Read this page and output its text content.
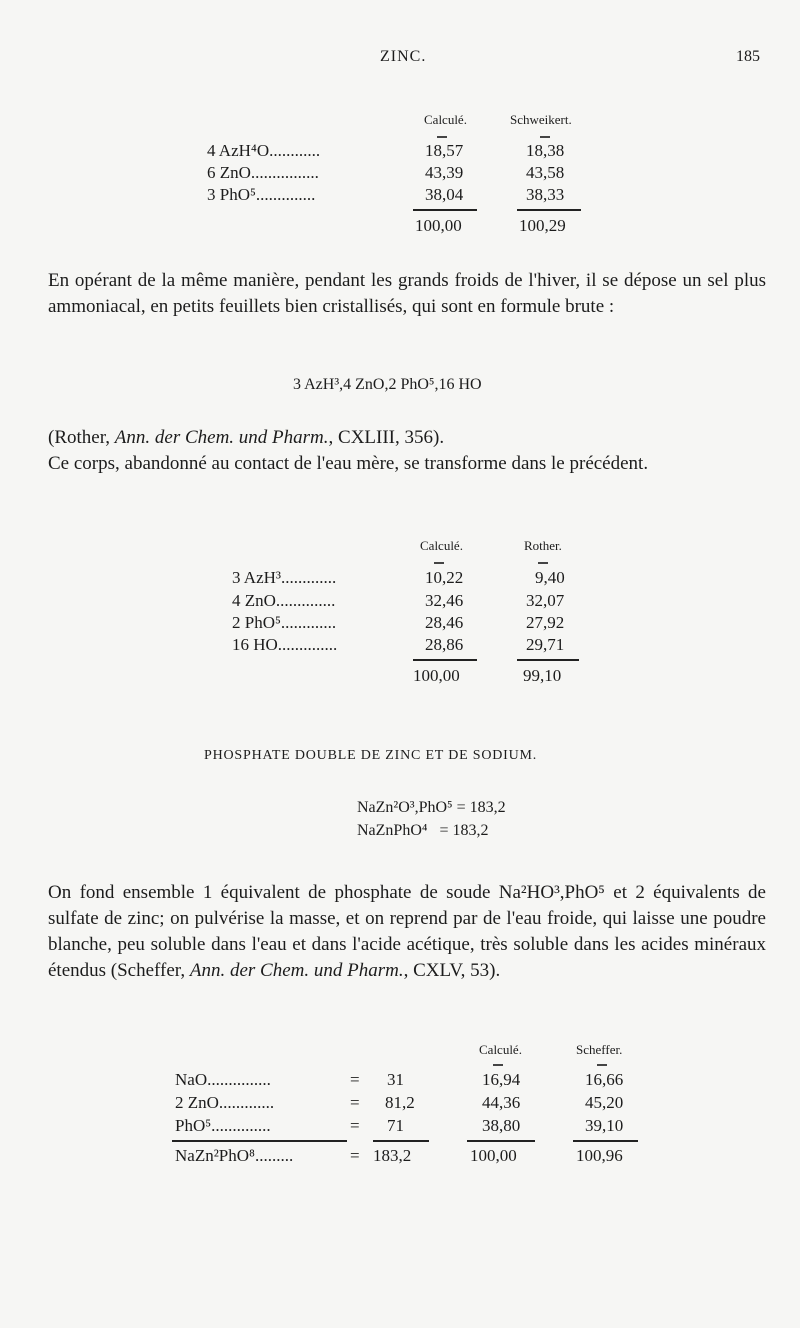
ZINC.	185
Calculé.	Schweikert.
4 AzH⁴O............	18,57	18,38
6 ZnO................	43,39	43,58
3 PhO⁵..............	38,04	38,33
100,00	100,29
En opérant de la même manière, pendant les grands froids de l'hiver, il se dépose un sel plus ammoniacal, en petits feuillets bien cristallisés, qui sont en formule brute :
3 AzH³,4 ZnO,2 PhO⁵,16 HO
(Rother, Ann. der Chem. und Pharm., CXLIII, 356).
Ce corps, abandonné au contact de l'eau mère, se transforme dans le précédent.
Calculé.	Rother.
3 AzH³.............	10,22	9,40
4 ZnO..............	32,46	32,07
2 PhO⁵.............	28,46	27,92
16 HO..............	28,86	29,71
100,00	99,10
PHOSPHATE DOUBLE DE ZINC ET DE SODIUM.
NaZn²O³,PhO⁵ = 183,2
NaZnPhO⁴   = 183,2
On fond ensemble 1 équivalent de phosphate de soude Na²HO³,PhO⁵ et 2 équivalents de sulfate de zinc; on pulvérise la masse, et on reprend par de l'eau froide, qui laisse une poudre blanche, peu soluble dans l'eau et dans l'acide acétique, très soluble dans les acides minéraux étendus (Scheffer, Ann. der Chem. und Pharm., CXLV, 53).
Calculé.	Scheffer.
NaO...............	= 31	16,94	16,66
2 ZnO.............	= 81,2	44,36	45,20
PhO⁵..............	= 71	38,80	39,10
NaZn²PhO⁸.........	= 183,2	100,00	100,96
